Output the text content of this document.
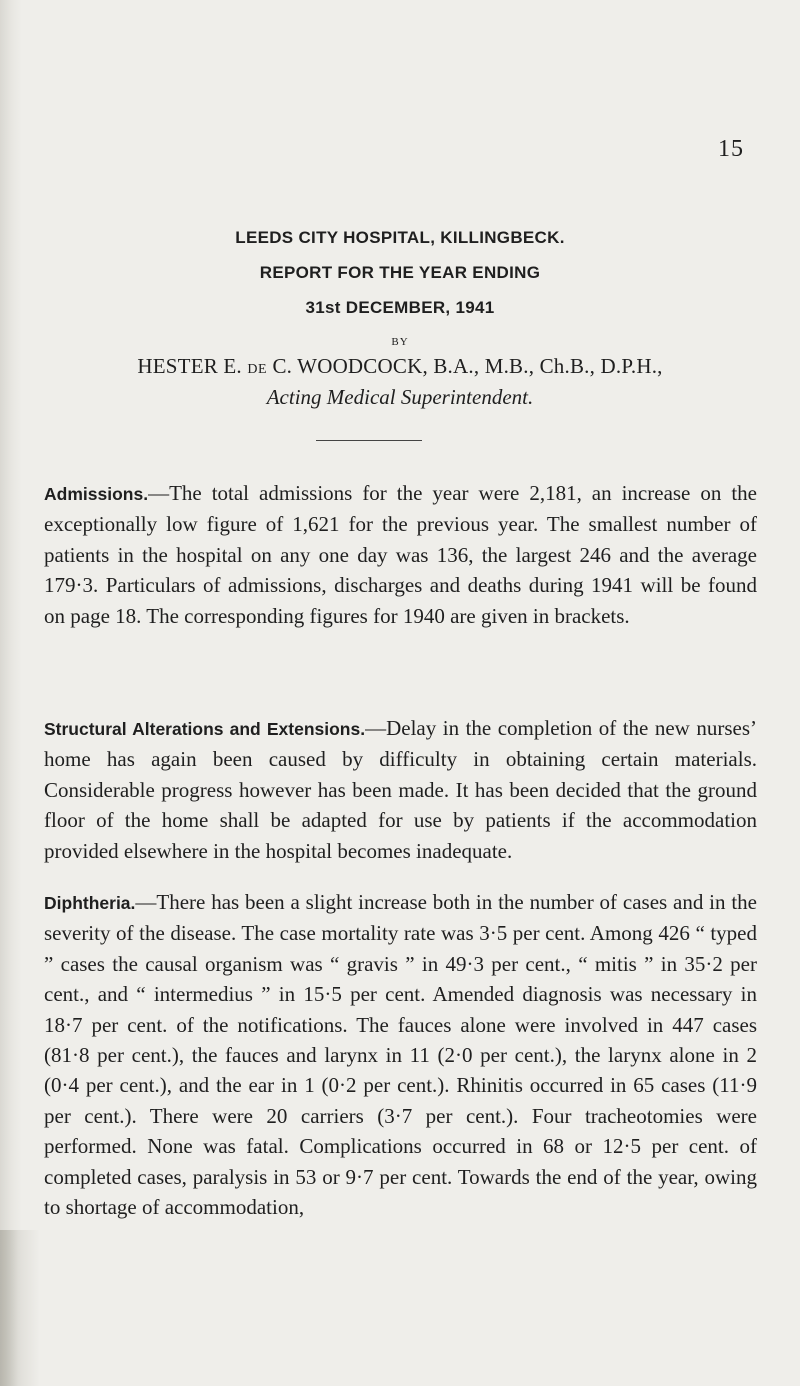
15
LEEDS CITY HOSPITAL, KILLINGBECK.
REPORT FOR THE YEAR ENDING
31st DECEMBER, 1941
BY
HESTER E. DE C. WOODCOCK, B.A., M.B., Ch.B., D.P.H.,
Acting Medical Superintendent.

Admissions.—The total admissions for the year were 2,181, an increase on the exceptionally low figure of 1,621 for the previous year. The smallest number of patients in the hospital on any one day was 136, the largest 246 and the average 179·3. Particulars of admissions, discharges and deaths during 1941 will be found on page 18. The corresponding figures for 1940 are given in brackets.

Structural Alterations and Extensions.—Delay in the completion of the new nurses’ home has again been caused by difficulty in obtaining certain materials. Considerable progress however has been made. It has been decided that the ground floor of the home shall be adapted for use by patients if the accommodation provided elsewhere in the hospital becomes inadequate.

Diphtheria.—There has been a slight increase both in the number of cases and in the severity of the disease. The case mortality rate was 3·5 per cent. Among 426 “ typed ” cases the causal organism was “ gravis ” in 49·3 per cent., “ mitis ” in 35·2 per cent., and “ intermedius ” in 15·5 per cent. Amended diagnosis was necessary in 18·7 per cent. of the notifications. The fauces alone were involved in 447 cases (81·8 per cent.), the fauces and larynx in 11 (2·0 per cent.), the larynx alone in 2 (0·4 per cent.), and the ear in 1 (0·2 per cent.). Rhinitis occurred in 65 cases (11·9 per cent.). There were 20 carriers (3·7 per cent.). Four tracheotomies were performed. None was fatal. Complications occurred in 68 or 12·5 per cent. of completed cases, paralysis in 53 or 9·7 per cent. Towards the end of the year, owing to shortage of accommodation,
